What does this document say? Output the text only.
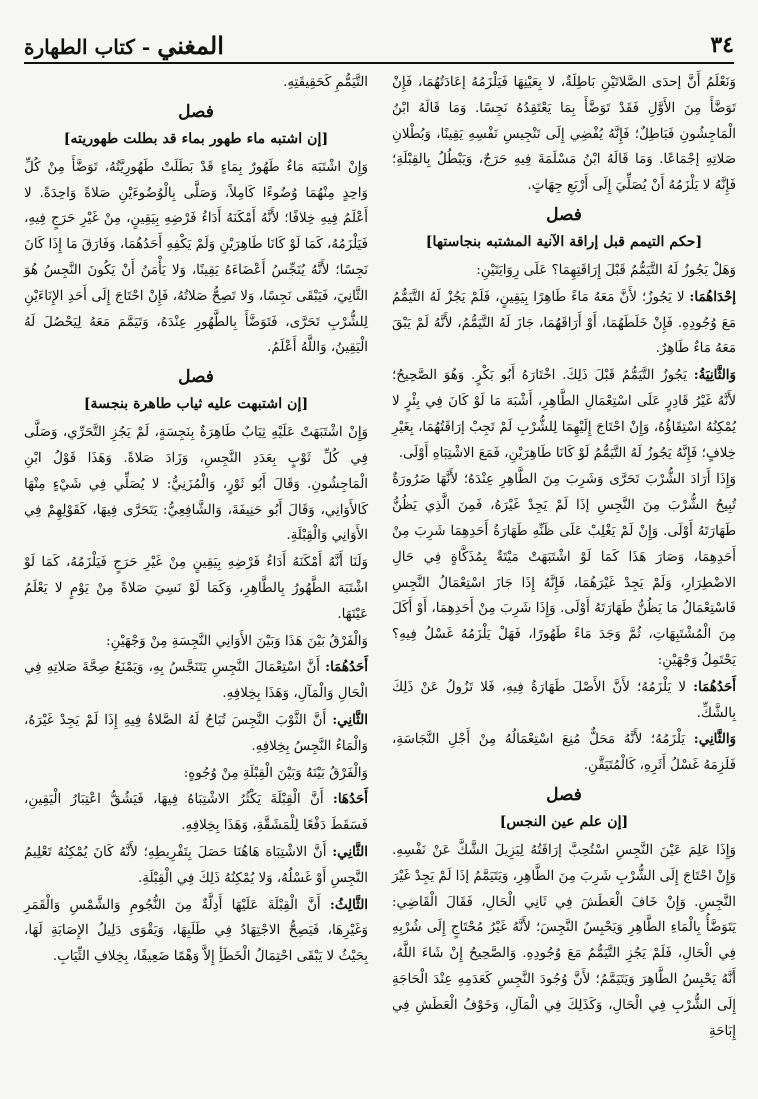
٣٤
المغني - كتاب الطهارة

وَنَعْلَمُ أَنَّ إحدَى الصَّلاتَيْنِ بَاطِلَةٌ، لا بِعَيْنِهَا فَيَلْزَمُهُ إعَادَتُهُمَا، فَإِنْ تَوَضَّأَ مِنَ الأَوَّلِ فَقَدْ تَوَضَّأَ بِمَا يَعْتَقِدُهُ نَجِسًا. وَمَا قَالَهُ ابْنُ الْمَاجِشُونِ فَبَاطِلٌ؛ فَإِنَّهُ يُفْضِي إِلَى تَنْجِيسِ نَفْسِهِ يَقِينًا، وَبُطْلانِ صَلاتِهِ إجْمَاعًا. وَمَا قَالَهُ ابْنُ مَسْلَمَةَ فِيهِ حَرَجٌ، وَيَبْطُلُ بِالقِبْلَةِ؛ فَإِنَّهُ لا يَلْزَمُهُ أَنْ يُصَلِّيَ إِلَى أَرْبَعِ جِهَاتٍ.

فصل
[حكم التيمم قبل إراقة الآنية المشتبه بنجاستها]

وَهَلْ يَجُوزُ لَهُ التَّيَمُّمُ قَبْلَ إِرَاقَتِهِمَا؟ عَلَى رِوَايَتَيْنِ:

إحْدَاهُمَا: لا يَجُوزُ؛ لأَنَّ مَعَهُ مَاءً طَاهِرًا بِيَقِينٍ، فَلَمْ يَجُزْ لَهُ التَّيَمُّمُ مَعَ وُجُودِهِ. فَإِنْ خَلَطَهُمَا، أَوْ أَرَاقَهُمَا، جَازَ لَهُ التَّيَمُّمُ، لأَنَّهُ لَمْ يَبْقَ مَعَهُ مَاءٌ طَاهِرٌ.

وَالثَّانِيَةُ: يَجُوزُ التَّيَمُّمُ قَبْلَ ذَلِكَ. اخْتَارَهُ أَبُو بَكْرٍ. وَهُوَ الصَّحِيحُ؛ لأَنَّهُ غَيْرُ قَادِرٍ عَلَى اسْتِعْمَالِ الطَّاهِرِ، أَشْبَهَ مَا لَوْ كَانَ فِي بِئْرٍ لا يُمْكِنُهُ اسْتِقَاؤُهُ، وَإِنْ احْتَاجَ إِلَيْهِمَا لِلشُّرْبِ لَمْ تَجِبْ إرَاقَتُهُمَا، بِغَيْرِ خِلافٍ؛ فَإِنَّهُ يَجُوزُ لَهُ التَّيَمُّمُ لَوْ كَانَا طَاهِرَيْنِ، فَمَعَ الاشْتِبَاهِ أَوْلَى.

وَإِذَا أَرَادَ الشُّرْبَ تَحَرَّى وَشَرِبَ مِنَ الطَّاهِرِ عِنْدَهُ؛ لأَنَّهَا ضَرُورَةٌ تُبِيحُ الشُّرْبَ مِنَ النَّجِسِ إذَا لَمْ يَجِدْ غَيْرَهُ، فَمِنَ الَّذِي يَظُنُّ طَهَارَتَهُ أَوْلَى. وَإِنْ لَمْ يَغْلِبْ عَلَى ظَنِّهِ طَهَارَةُ أَحَدِهِمَا شَرِبَ مِنْ أَحَدِهِمَا، وَصَارَ هَذَا كَمَا لَوْ اشْتَبَهَتْ مَيْتَةٌ بِمُذَكَّاةٍ فِي حَالِ الاضْطِرَارِ، وَلَمْ يَجِدْ غَيْرَهُمَا، فَإِنَّهُ إِذَا جَازَ اسْتِعْمَالُ النَّجِسِ فَاسْتِعْمَالُ مَا يَظُنُّ طَهَارَتَهُ أَوْلَى. وَإِذَا شَرِبَ مِنْ أَحَدِهِمَا، أَوْ أَكَلَ مِنَ الْمُشْتَبِهَاتِ، ثُمَّ وَجَدَ مَاءً طَهُورًا، فَهَلْ يَلْزَمُهُ غَسْلُ فِيهِ؟ يَحْتَمِلُ وَجْهَيْنِ:

أَحَدُهُمَا: لا يَلْزَمُهُ؛ لأَنَّ الأَصْلَ طَهَارَةُ فِيهِ، فَلا تَزُولُ عَنْ ذَلِكَ بِالشَّكِّ.

وَالثَّانِي: يَلْزَمُهُ؛ لأَنَّهُ مَحَلٌّ مُنِعَ اسْتِعْمَالُهُ مِنْ أَجْلِ النَّجَاسَةِ، فَلَزِمَهُ غَسْلُ أَثَرِهِ، كَالْمُتَيَقَّنِ.

فصل
[إن علم عين النجس]

وَإِذَا عَلِمَ عَيْنَ النَّجِسِ اسْتُحِبَّ إرَاقَتُهُ لِيَزِيلَ الشَّكَّ عَنْ نَفْسِهِ. وَإِنْ احْتَاجَ إِلَى الشُّرْبِ شَرِبَ مِنَ الطَّاهِرِ، وَيَتَيَمَّمُ إذَا لَمْ يَجِدْ غَيْرَ النَّجِسِ. وَإِنْ خَافَ الْعَطَشَ فِي ثَانِي الْحَالِ، فَقَالَ الْقَاضِي: يَتَوَضَّأُ بِالْمَاءِ الطَّاهِرِ وَيَحْبِسُ النَّجِسَ؛ لأَنَّهُ غَيْرُ مُحْتَاجٍ إِلَى شُرْبِهِ فِي الْحَالِ، فَلَمْ يَجُزِ التَّيَمُّمُ مَعَ وُجُودِهِ. وَالصَّحِيحُ إِنْ شَاءَ اللَّهُ، أَنَّهُ يَحْبِسُ الطَّاهِرَ وَيَتَيَمَّمُ؛ لأَنَّ وُجُودَ النَّجِسِ كَعَدَمِهِ عِنْدَ الْحَاجَةِ إِلَى الشُّرْبِ فِي الْحَالِ، وَكَذَلِكَ فِي الْمَآلِ، وَخَوْفُ الْعَطَشِ فِي إِبَاحَةِ

التَّيَمُّمِ كَحَقِيقَتِهِ.

فصل
[إن اشتبه ماء طهور بماء قد بطلت طهوريته]

وَإِنْ اشْتَبَهَ مَاءٌ طَهُورٌ بِمَاءٍ قَدْ بَطَلَتْ طَهُورِيَّتُهُ، تَوَضَّأَ مِنْ كُلِّ وَاحِدٍ مِنْهُمَا وُضُوءًا كَامِلاً، وَصَلَّى بِالْوُضُوءَيْنِ صَلاةً وَاحِدَةً. لا أَعْلَمُ فِيهِ خِلافًا؛ لأَنَّهُ أَمْكَنَهُ أَدَاءُ فَرْضِهِ بِيَقِينٍ، مِنْ غَيْرِ حَرَجٍ فِيهِ، فَيَلْزَمُهُ، كَمَا لَوْ كَانَا طَاهِرَيْنِ وَلَمْ يَكْفِهِ أَحَدُهُمَا، وَفَارَقَ مَا إِذَا كَانَ نَجِسًا؛ لأَنَّهُ يُنَجِّسُ أَعْضَاءَهُ يَقِينًا، وَلا يَأْمَنُ أَنْ يَكُونَ النَّجِسُ هُوَ الثَّانِيَ، فَيَبْقَى نَجِسًا، وَلا تَصِحُّ صَلاتُهُ، فَإِنْ احْتَاجَ إِلَى أَحَدِ الإِنَاءَيْنِ لِلشُّرْبِ تَحَرَّى، فَتَوَضَّأَ بِالطَّهُورِ عِنْدَهُ، وَتَيَمَّمَ مَعَهُ لِيَحْصُلَ لَهُ الْيَقِينُ، وَاللَّهُ أَعْلَمُ.

فصل
[إن اشتبهت عليه ثياب طاهرة بنجسة]

وَإِنْ اشْتَبَهَتْ عَلَيْهِ ثِيَابٌ طَاهِرَةٌ بِنَجِسَةٍ، لَمْ يَجُزِ التَّحَرِّي، وَصَلَّى فِي كُلِّ ثَوْبٍ بِعَدَدِ النَّجِسِ، وَزَادَ صَلاةً. وَهَذَا قَوْلُ ابْنِ الْمَاجِشُونِ. وَقَالَ أَبُو ثَوْرٍ، وَالْمُزَنِيُّ: لا يُصَلِّي فِي شَيْءٍ مِنْهَا كَالأَوَانِي، وَقَالَ أَبُو حَنِيفَةَ، وَالشَّافِعِيُّ: يَتَحَرَّى فِيهَا، كَقَوْلِهِمْ فِي الأَوَانِي وَالْقِبْلَةِ.

وَلَنَا أَنَّهُ أَمْكَنَهُ أَدَاءُ فَرْضِهِ بِيَقِينٍ مِنْ غَيْرِ حَرَجٍ فَيَلْزَمُهُ، كَمَا لَوْ اشْتَبَهَ الطَّهُورُ بِالطَّاهِرِ، وَكَمَا لَوْ نَسِيَ صَلاةً مِنْ يَوْمٍ لا يَعْلَمُ عَيْنَهَا.

وَالْفَرْقُ بَيْنَ هَذَا وَبَيْنَ الأَوَانِي النَّجِسَةِ مِنْ وَجْهَيْنِ:

أَحَدُهُمَا: أَنَّ اسْتِعْمَالَ النَّجِسِ يَتَنَجَّسُ بِهِ، وَيَمْنَعُ صِحَّةَ صَلاتِهِ فِي الْحَالِ وَالْمَآلِ، وَهَذَا بِخِلافِهِ.

الثَّانِي: أَنَّ الثَّوْبَ النَّجِسَ تُبَاحُ لَهُ الصَّلاةُ فِيهِ إِذَا لَمْ يَجِدْ غَيْرَهُ، وَالْمَاءُ النَّجِسُ بِخِلافِهِ.

وَالْفَرْقُ بَيْنَهُ وَبَيْنَ الْقِبْلَةِ مِنْ وُجُوهٍ:

أَحَدُهَا: أَنَّ الْقِبْلَةَ يَكْثُرُ الاشْتِبَاهُ فِيهَا، فَيَشُقُّ اعْتِبَارُ الْيَقِينِ، فَسَقَطَ دَفْعًا لِلْمَشَقَّةِ، وَهَذَا بِخِلافِهِ.

الثَّانِي: أَنَّ الاشْتِبَاهَ هَاهُنَا حَصَلَ بِتَفْرِيطِهِ؛ لأَنَّهُ كَانَ يُمْكِنُهُ تَعْلِيمُ النَّجِسِ أَوْ غَسْلُهُ، وَلا يُمْكِنُهُ ذَلِكَ فِي الْقِبْلَةِ.

الثَّالِثُ: أَنَّ الْقِبْلَةَ عَلَيْهَا أَدِلَّةٌ مِنَ النُّجُومِ وَالشَّمْسِ وَالْقَمَرِ وَغَيْرِهَا، فَيَصِحُّ الاجْتِهَادُ فِي طَلَبِهَا، وَيَقْوَى دَلِيلُ الإِصَابَةِ لَهَا، بِحَيْثُ لا يَبْقَى احْتِمَالُ الْخَطَأِ إِلاَّ وَهْمًا ضَعِيفًا، بِخِلافِ الثِّيَابِ.
